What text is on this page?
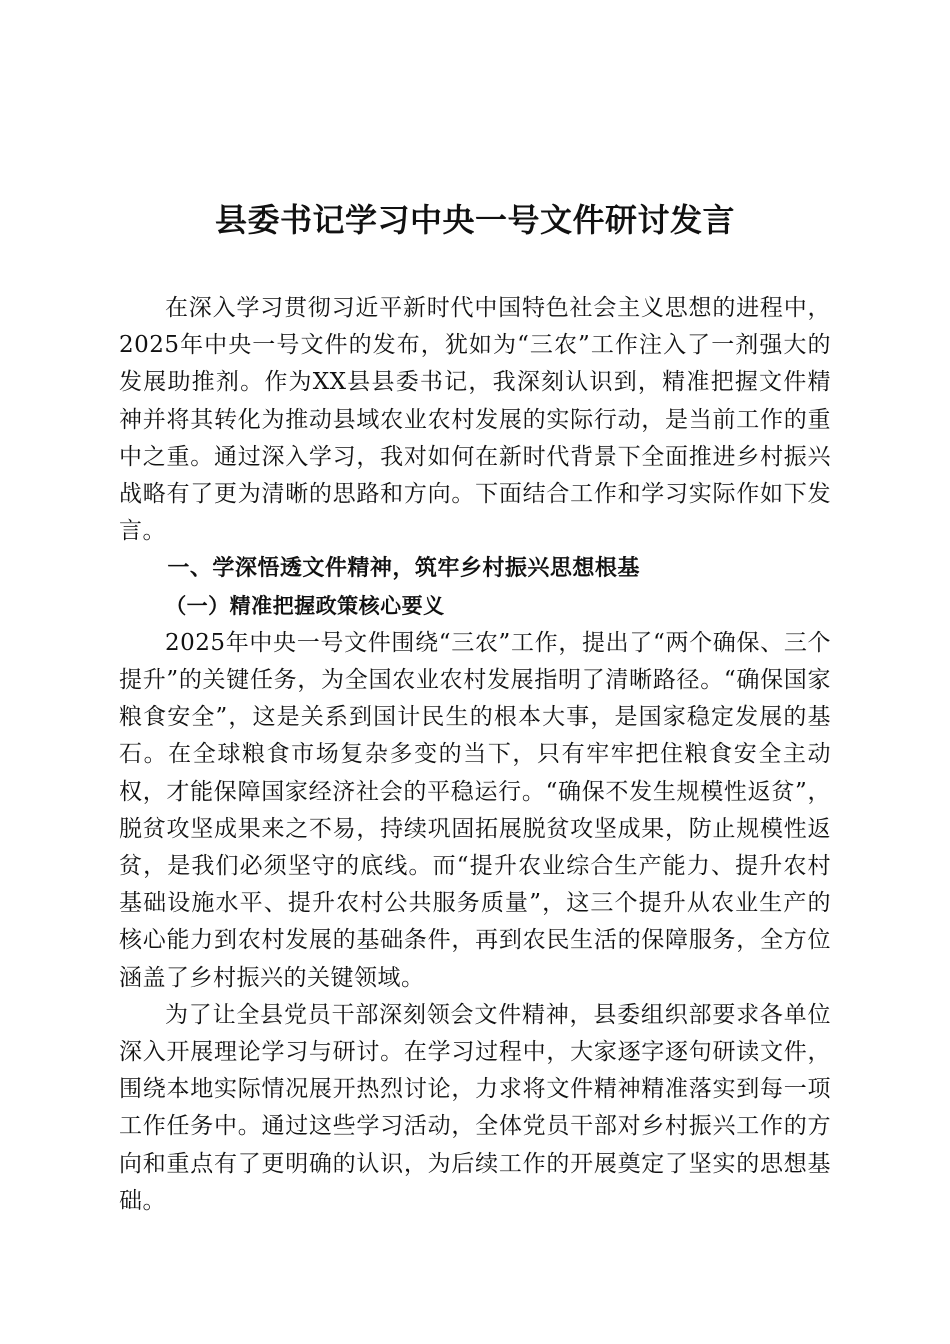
县委书记学习中央一号文件研讨发言

在深入学习贯彻习近平新时代中国特色社会主义思想的进程中，2025年中央一号文件的发布，犹如为“三农”工作注入了一剂强大的发展助推剂。作为XX县县委书记，我深刻认识到，精准把握文件精神并将其转化为推动县域农业农村发展的实际行动，是当前工作的重中之重。通过深入学习，我对如何在新时代背景下全面推进乡村振兴战略有了更为清晰的思路和方向。下面结合工作和学习实际作如下发言。

一、学深悟透文件精神，筑牢乡村振兴思想根基
（一）精准把握政策核心要义

2025年中央一号文件围绕“三农”工作，提出了“两个确保、三个提升”的关键任务，为全国农业农村发展指明了清晰路径。“确保国家粮食安全”，这是关系到国计民生的根本大事，是国家稳定发展的基石。在全球粮食市场复杂多变的当下，只有牢牢把住粮食安全主动权，才能保障国家经济社会的平稳运行。“确保不发生规模性返贫”，脱贫攻坚成果来之不易，持续巩固拓展脱贫攻坚成果，防止规模性返贫，是我们必须坚守的底线。而“提升农业综合生产能力、提升农村基础设施水平、提升农村公共服务质量”，这三个提升从农业生产的核心能力到农村发展的基础条件，再到农民生活的保障服务，全方位涵盖了乡村振兴的关键领域。

为了让全县党员干部深刻领会文件精神，县委组织部要求各单位深入开展理论学习与研讨。在学习过程中，大家逐字逐句研读文件，围绕本地实际情况展开热烈讨论，力求将文件精神精准落实到每一项工作任务中。通过这些学习活动，全体党员干部对乡村振兴工作的方向和重点有了更明确的认识，为后续工作的开展奠定了坚实的思想基础。
